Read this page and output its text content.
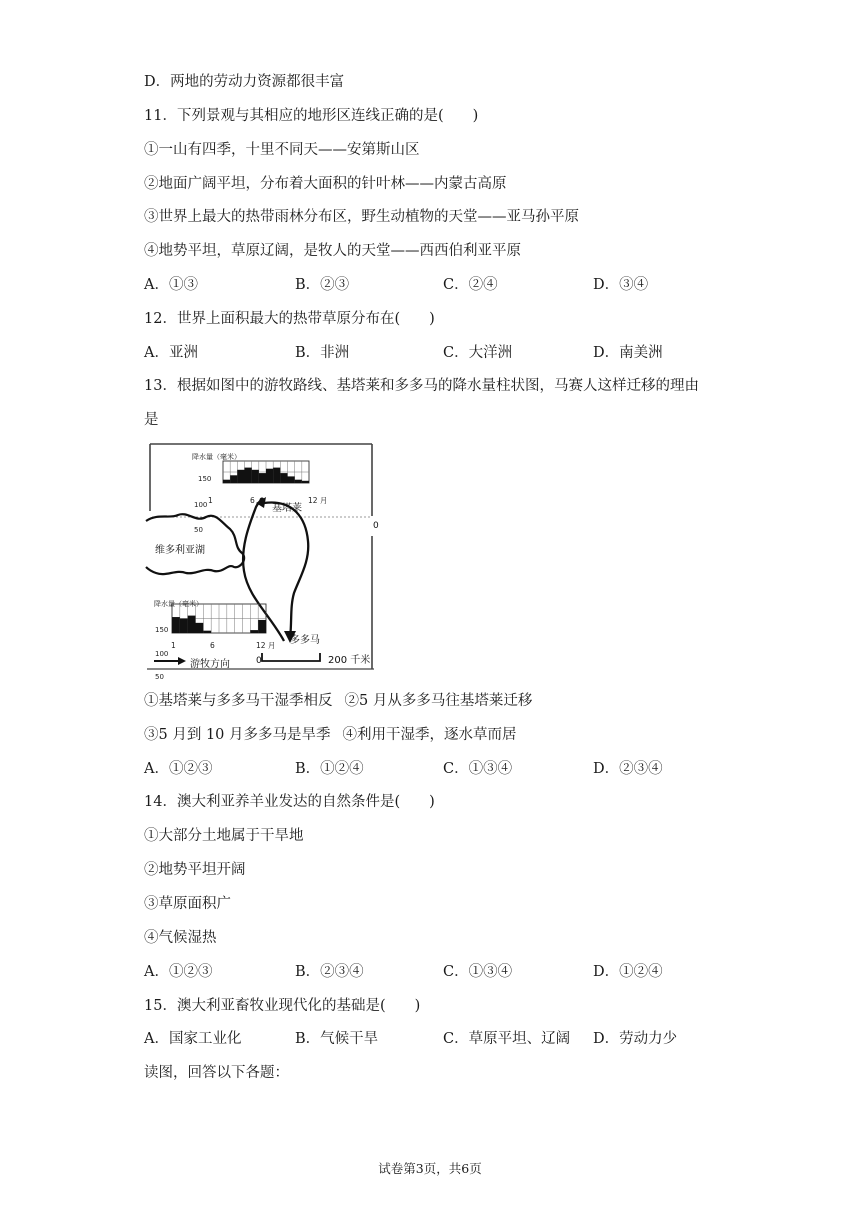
D．两地的劳动力资源都很丰富
11．下列景观与其相应的地形区连线正确的是(　　)
①一山有四季，十里不同天——安第斯山区
②地面广阔平坦，分布着大面积的针叶林——内蒙古高原
③世界上最大的热带雨林分布区，野生动植物的天堂——亚马孙平原
④地势平坦，草原辽阔，是牧人的天堂——西西伯利亚平原
A．①③	B．②③	C．②④	D．③④
12．世界上面积最大的热带草原分布在(　　)
A．亚洲	B．非洲	C．大洋洲	D．南美洲
13．根据如图中的游牧路线、基塔莱和多多马的降水量柱状图，马赛人这样迁移的理由
是
0
降水量（毫米）
150
100
50
1	6	12 月
基塔莱
维多利亚湖
降水量（毫米）
150
100
50
1	6	12 月 多多马
游牧方向	0	200 千米
①基塔莱与多多马干湿季相反 ②5 月从多多马往基塔莱迁移
③5 月到 10 月多多马是旱季 ④利用干湿季，逐水草而居
A．①②③	B．①②④	C．①③④	D．②③④
14．澳大利亚养羊业发达的自然条件是(　　)
①大部分土地属于干旱地
②地势平坦开阔
③草原面积广
④气候湿热
A．①②③	B．②③④	C．①③④	D．①②④
15．澳大利亚畜牧业现代化的基础是(　　)
A．国家工业化	B．气候干旱	C．草原平坦、辽阔 D．劳动力少
读图，回答以下各题：
试卷第3页，共6页
